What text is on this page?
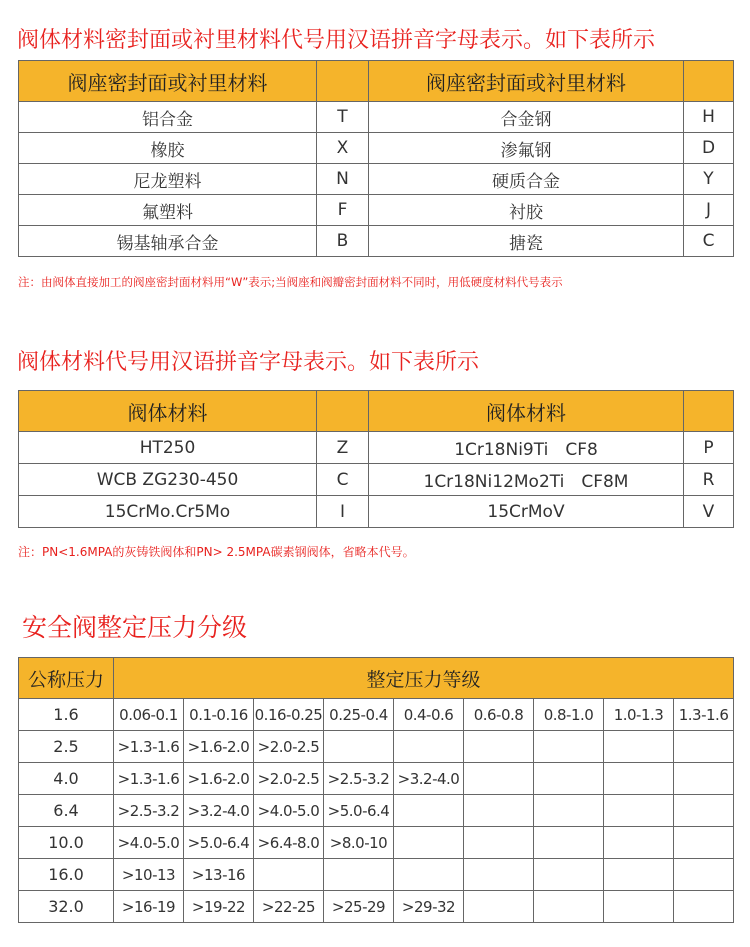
阀体材料密封面或衬里材料代号用汉语拼音字母表示。如下表所示
阀座密封面或衬里材料		阀座密封面或衬里材料	
铝合金	T	合金钢	H
橡胶	X	渗氟钢	D
尼龙塑料	N	硬质合金	Y
氟塑料	F	衬胶	J
锡基轴承合金	B	搪瓷	C

注：由阀体直接加工的阀座密封面材料用“W”表示;当阀座和阀瓣密封面材料不同时，用低硬度材料代号表示

阀体材料代号用汉语拼音字母表示。如下表所示
阀体材料		阀体材料	
HT250	Z	1Cr18Ni9Ti　CF8	P
WCB ZG230-450	C	1Cr18Ni12Mo2Ti　CF8M	R
15CrMo.Cr5Mo	I	15CrMoV	V

注：PN<1.6MPA的灰铸铁阀体和PN> 2.5MPA碳素钢阀体，省略本代号。

安全阀整定压力分级
公称压力	整定压力等级								
1.6	0.06-0.1	0.1-0.16	0.16-0.25	0.25-0.4	0.4-0.6	0.6-0.8	0.8-1.0	1.0-1.3	1.3-1.6
2.5	>1.3-1.6	>1.6-2.0	>2.0-2.5						
4.0	>1.3-1.6	>1.6-2.0	>2.0-2.5	>2.5-3.2	>3.2-4.0				
6.4	>2.5-3.2	>3.2-4.0	>4.0-5.0	>5.0-6.4					
10.0	>4.0-5.0	>5.0-6.4	>6.4-8.0	>8.0-10					
16.0	>10-13	>13-16							
32.0	>16-19	>19-22	>22-25	>25-29	>29-32				
